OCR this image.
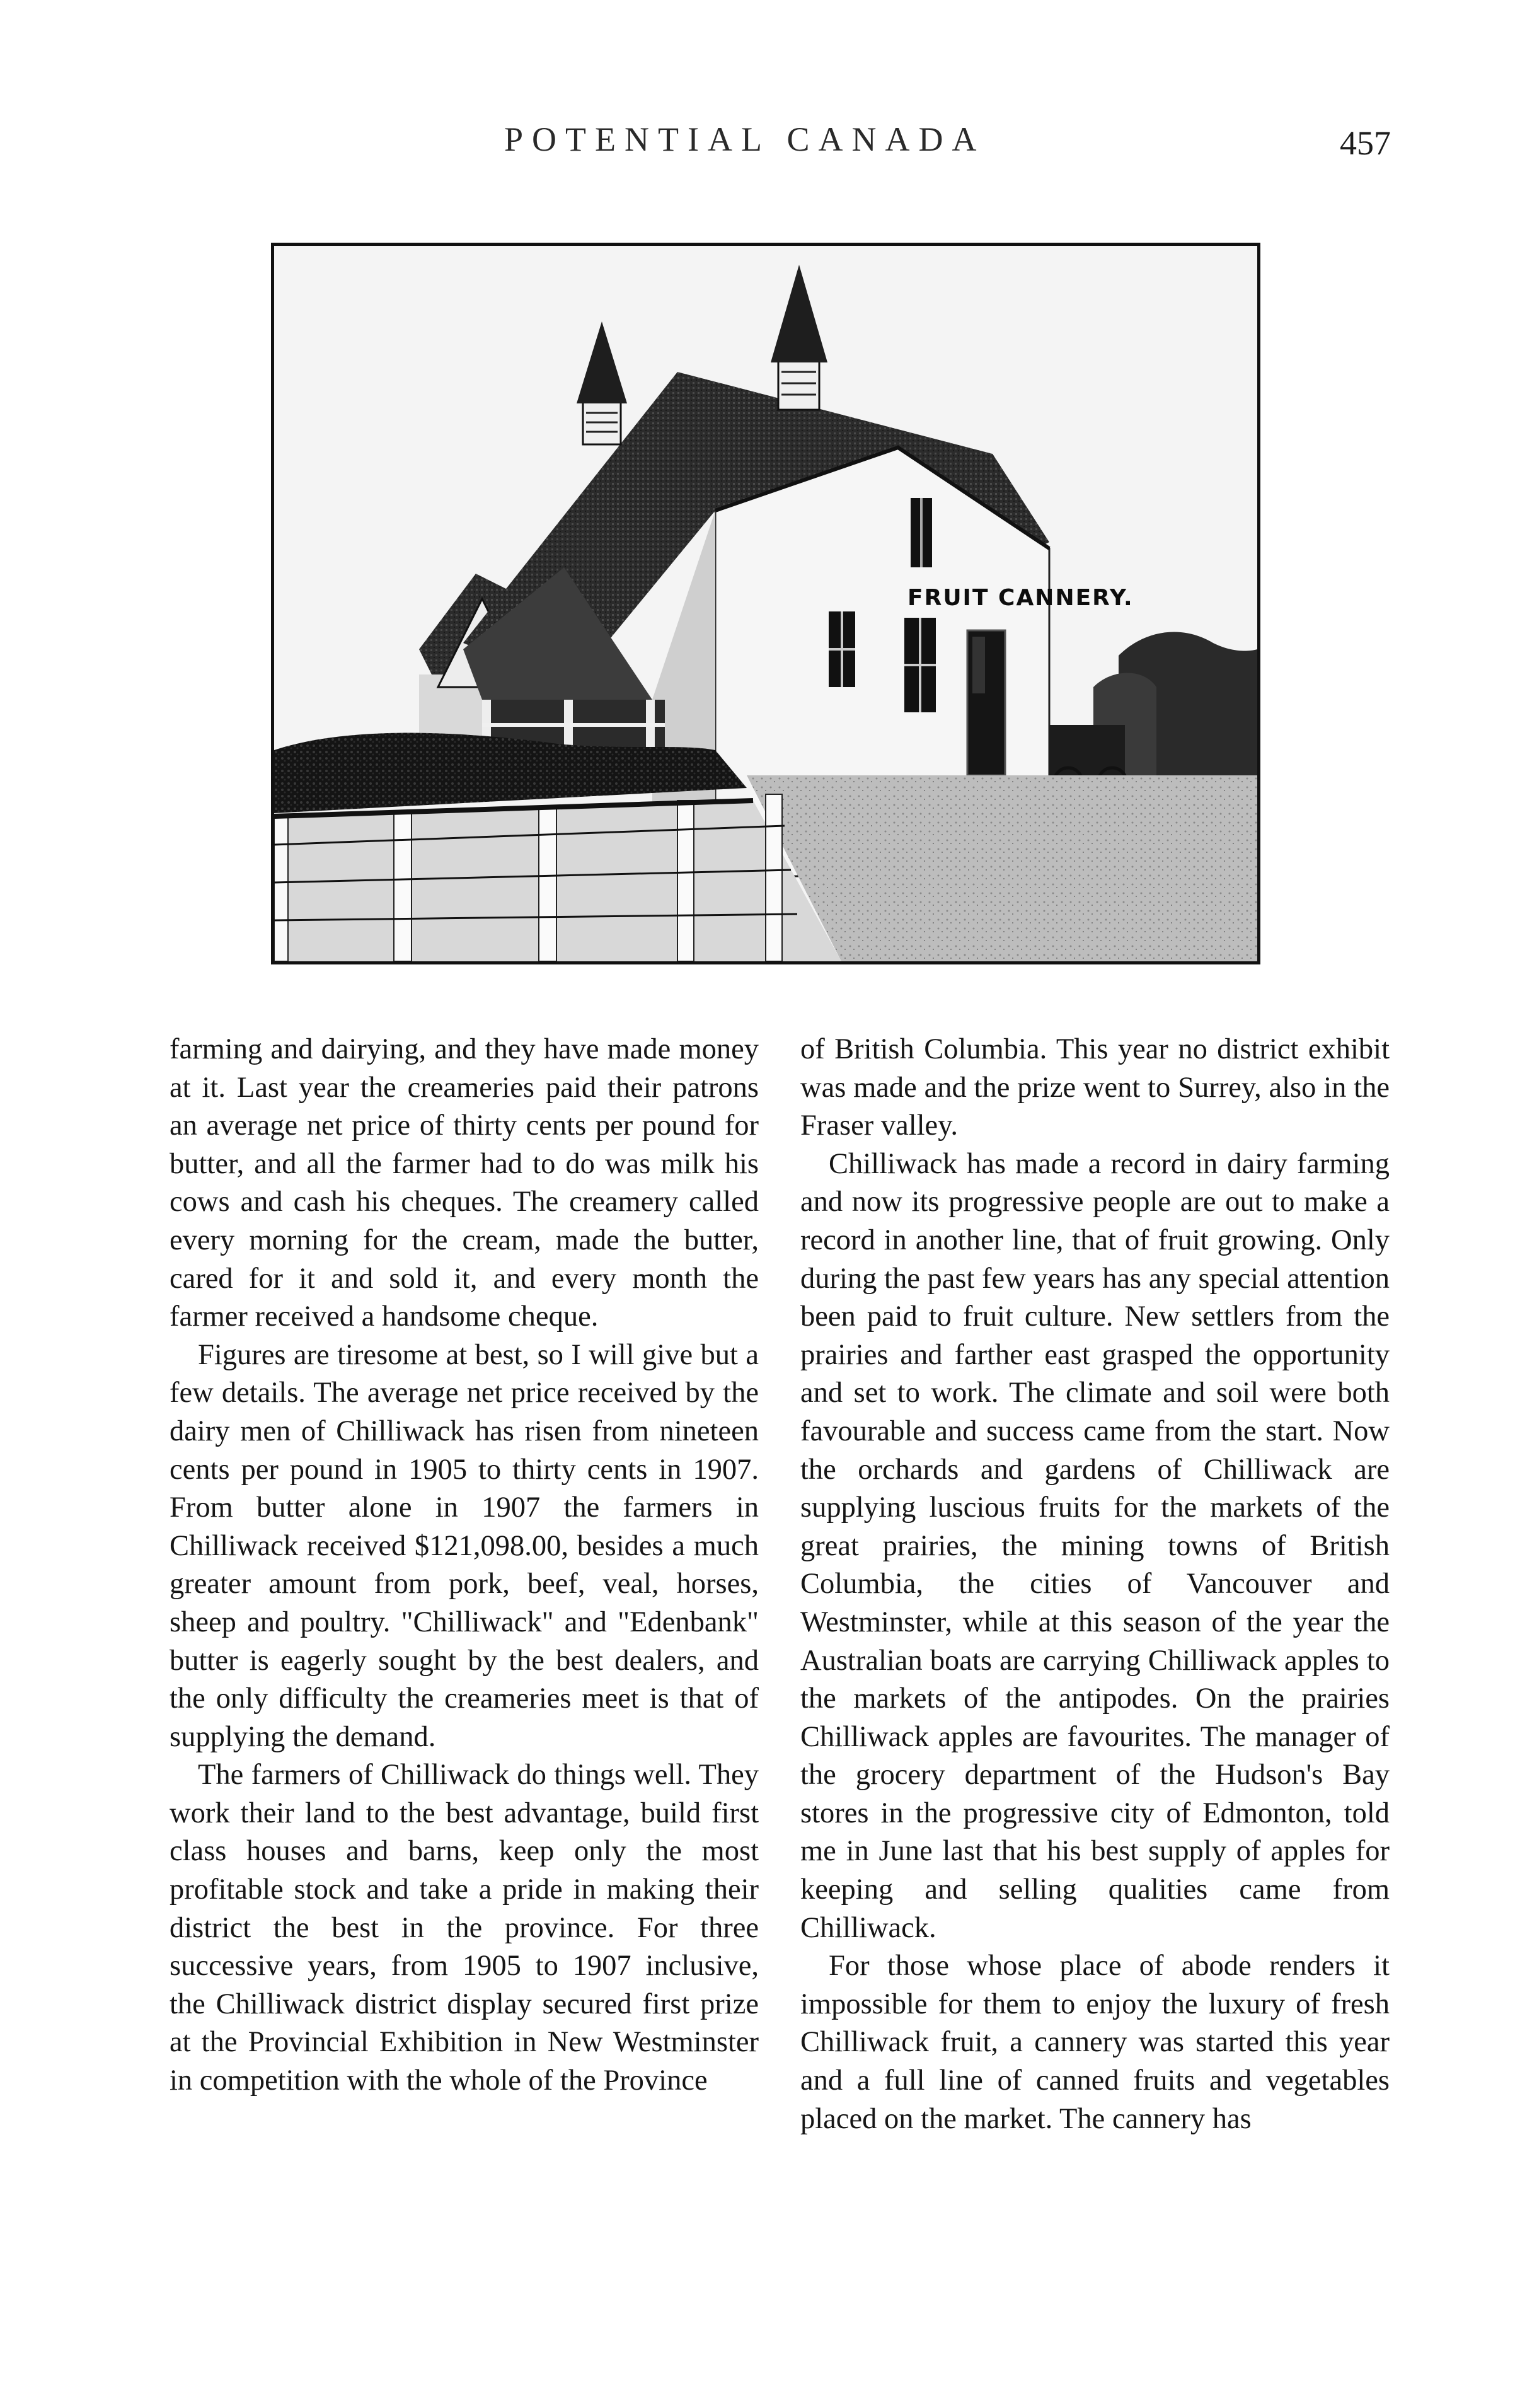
POTENTIAL CANADA	457
FRUIT CANNERY.

farming and dairying, and they have made money at it. Last year the creameries paid their patrons an average net price of thirty cents per pound for butter, and all the farmer had to do was milk his cows and cash his cheques. The creamery called every morning for the cream, made the butter, cared for it and sold it, and every month the farmer received a handsome cheque.

Figures are tiresome at best, so I will give but a few details. The average net price received by the dairy men of Chilliwack has risen from nineteen cents per pound in 1905 to thirty cents in 1907. From butter alone in 1907 the farmers in Chilliwack received $121,098.00, besides a much greater amount from pork, beef, veal, horses, sheep and poultry. "Chilliwack" and "Edenbank" butter is eagerly sought by the best dealers, and the only difficulty the creameries meet is that of supplying the demand.

The farmers of Chilliwack do things well. They work their land to the best advantage, build first class houses and barns, keep only the most profitable stock and take a pride in making their district the best in the province. For three successive years, from 1905 to 1907 inclusive, the Chilliwack district display secured first prize at the Provincial Exhibition in New Westminster in competition with the whole of the Province

of British Columbia. This year no district exhibit was made and the prize went to Surrey, also in the Fraser valley.

Chilliwack has made a record in dairy farming and now its progressive people are out to make a record in another line, that of fruit growing. Only during the past few years has any special attention been paid to fruit culture. New settlers from the prairies and farther east grasped the opportunity and set to work. The climate and soil were both favourable and success came from the start. Now the orchards and gardens of Chilliwack are supplying luscious fruits for the markets of the great prairies, the mining towns of British Columbia, the cities of Vancouver and Westminster, while at this season of the year the Australian boats are carrying Chilliwack apples to the markets of the antipodes. On the prairies Chilliwack apples are favourites. The manager of the grocery department of the Hudson's Bay stores in the progressive city of Edmonton, told me in June last that his best supply of apples for keeping and selling qualities came from Chilliwack.

For those whose place of abode renders it impossible for them to enjoy the luxury of fresh Chilliwack fruit, a cannery was started this year and a full line of canned fruits and vegetables placed on the market. The cannery has
